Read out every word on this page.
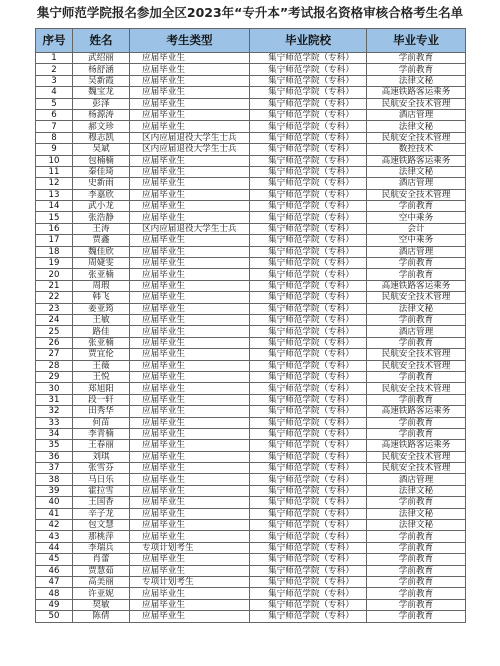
集宁师范学院报名参加全区2023年“专升本”考试报名资格审核合格考生名单
序号	姓名	考生类型	毕业院校	毕业专业
1	武绍丽	应届毕业生	集宁师范学院（专科）	学前教育
2	杨舒涵	应届毕业生	集宁师范学院（专科）	学前教育
3	吴新霞	应届毕业生	集宁师范学院（专科）	法律文秘
4	魏宝龙	应届毕业生	集宁师范学院（专科）	高速铁路客运乘务
5	彭泽	应届毕业生	集宁师范学院（专科）	民航安全技术管理
6	杨源涛	应届毕业生	集宁师范学院（专科）	酒店管理
7	郝文珍	应届毕业生	集宁师范学院（专科）	法律文秘
8	穆志凯	区内应届退役大学生士兵	集宁师范学院（专科）	民航安全技术管理
9	吴斌	区内应届退役大学生士兵	集宁师范学院（专科）	数控技术
10	包楠楠	应届毕业生	集宁师范学院（专科）	高速铁路客运乘务
11	秦佳琦	应届毕业生	集宁师范学院（专科）	法律文秘
12	史新雨	应届毕业生	集宁师范学院（专科）	酒店管理
13	李嘉欣	应届毕业生	集宁师范学院（专科）	民航安全技术管理
14	武小龙	应届毕业生	集宁师范学院（专科）	学前教育
15	张浩静	应届毕业生	集宁师范学院（专科）	空中乘务
16	王涛	区内应届退役大学生士兵	集宁师范学院（专科）	会计
17	贾鑫	应届毕业生	集宁师范学院（专科）	空中乘务
18	魏佳欣	应届毕业生	集宁师范学院（专科）	酒店管理
19	周婕雯	应届毕业生	集宁师范学院（专科）	学前教育
20	张亚楠	应届毕业生	集宁师范学院（专科）	学前教育
21	周瑕	应届毕业生	集宁师范学院（专科）	高速铁路客运乘务
22	韩飞	应届毕业生	集宁师范学院（专科）	民航安全技术管理
23	姜亚筠	应届毕业生	集宁师范学院（专科）	法律文秘
24	王敏	应届毕业生	集宁师范学院（专科）	学前教育
25	路佳	应届毕业生	集宁师范学院（专科）	酒店管理
26	张亚楠	应届毕业生	集宁师范学院（专科）	学前教育
27	贾宜伦	应届毕业生	集宁师范学院（专科）	民航安全技术管理
28	王薇	应届毕业生	集宁师范学院（专科）	民航安全技术管理
29	王悦	应届毕业生	集宁师范学院（专科）	学前教育
30	郑旭阳	应届毕业生	集宁师范学院（专科）	民航安全技术管理
31	段一轩	应届毕业生	集宁师范学院（专科）	学前教育
32	田秀华	应届毕业生	集宁师范学院（专科）	高速铁路客运乘务
33	何苗	应届毕业生	集宁师范学院（专科）	学前教育
34	李青楠	应届毕业生	集宁师范学院（专科）	学前教育
35	王春丽	应届毕业生	集宁师范学院（专科）	高速铁路客运乘务
36	刘琪	应届毕业生	集宁师范学院（专科）	民航安全技术管理
37	张雪芬	应届毕业生	集宁师范学院（专科）	民航安全技术管理
38	马日乐	应届毕业生	集宁师范学院（专科）	酒店管理
39	霍拉雪	应届毕业生	集宁师范学院（专科）	法律文秘
40	王国香	应届毕业生	集宁师范学院（专科）	学前教育
41	辛子龙	应届毕业生	集宁师范学院（专科）	法律文秘
42	包文慧	应届毕业生	集宁师范学院（专科）	法律文秘
43	那桃萍	应届毕业生	集宁师范学院（专科）	学前教育
44	李瑞兵	专项计划考生	集宁师范学院（专科）	学前教育
45	肖蕾	应届毕业生	集宁师范学院（专科）	学前教育
46	贾慧茹	应届毕业生	集宁师范学院（专科）	学前教育
47	高美丽	专项计划考生	集宁师范学院（专科）	学前教育
48	许亚妮	应届毕业生	集宁师范学院（专科）	学前教育
49	契敏	应届毕业生	集宁师范学院（专科）	学前教育
50	陈倩	应届毕业生	集宁师范学院（专科）	学前教育
